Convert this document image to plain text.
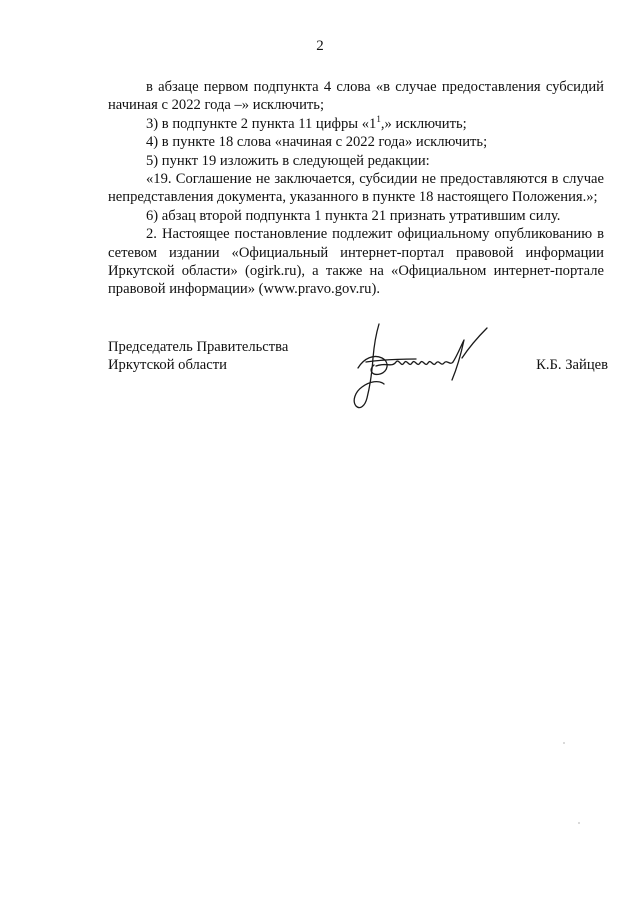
2

в абзаце первом подпункта 4 слова «в случае предоставления субсидий начиная с 2022 года –» исключить;

3) в подпункте 2 пункта 11 цифры «$1^1$,» исключить;

4) в пункте 18 слова «начиная с 2022 года» исключить;

5) пункт 19 изложить в следующей редакции:

«19. Соглашение не заключается, субсидии не предоставляются в случае непредставления документа, указанного в пункте 18 настоящего Положения.»;

6) абзац второй подпункта 1 пункта 21 признать утратившим силу.

2. Настоящее постановление подлежит официальному опубликованию в сетевом издании «Официальный интернет-портал правовой информации Иркутской области» (ogirk.ru), а также на «Официальном интернет-портале правовой информации» (www.pravo.gov.ru).

Председатель Правительства
Иркутской области	К.Б. Зайцев
